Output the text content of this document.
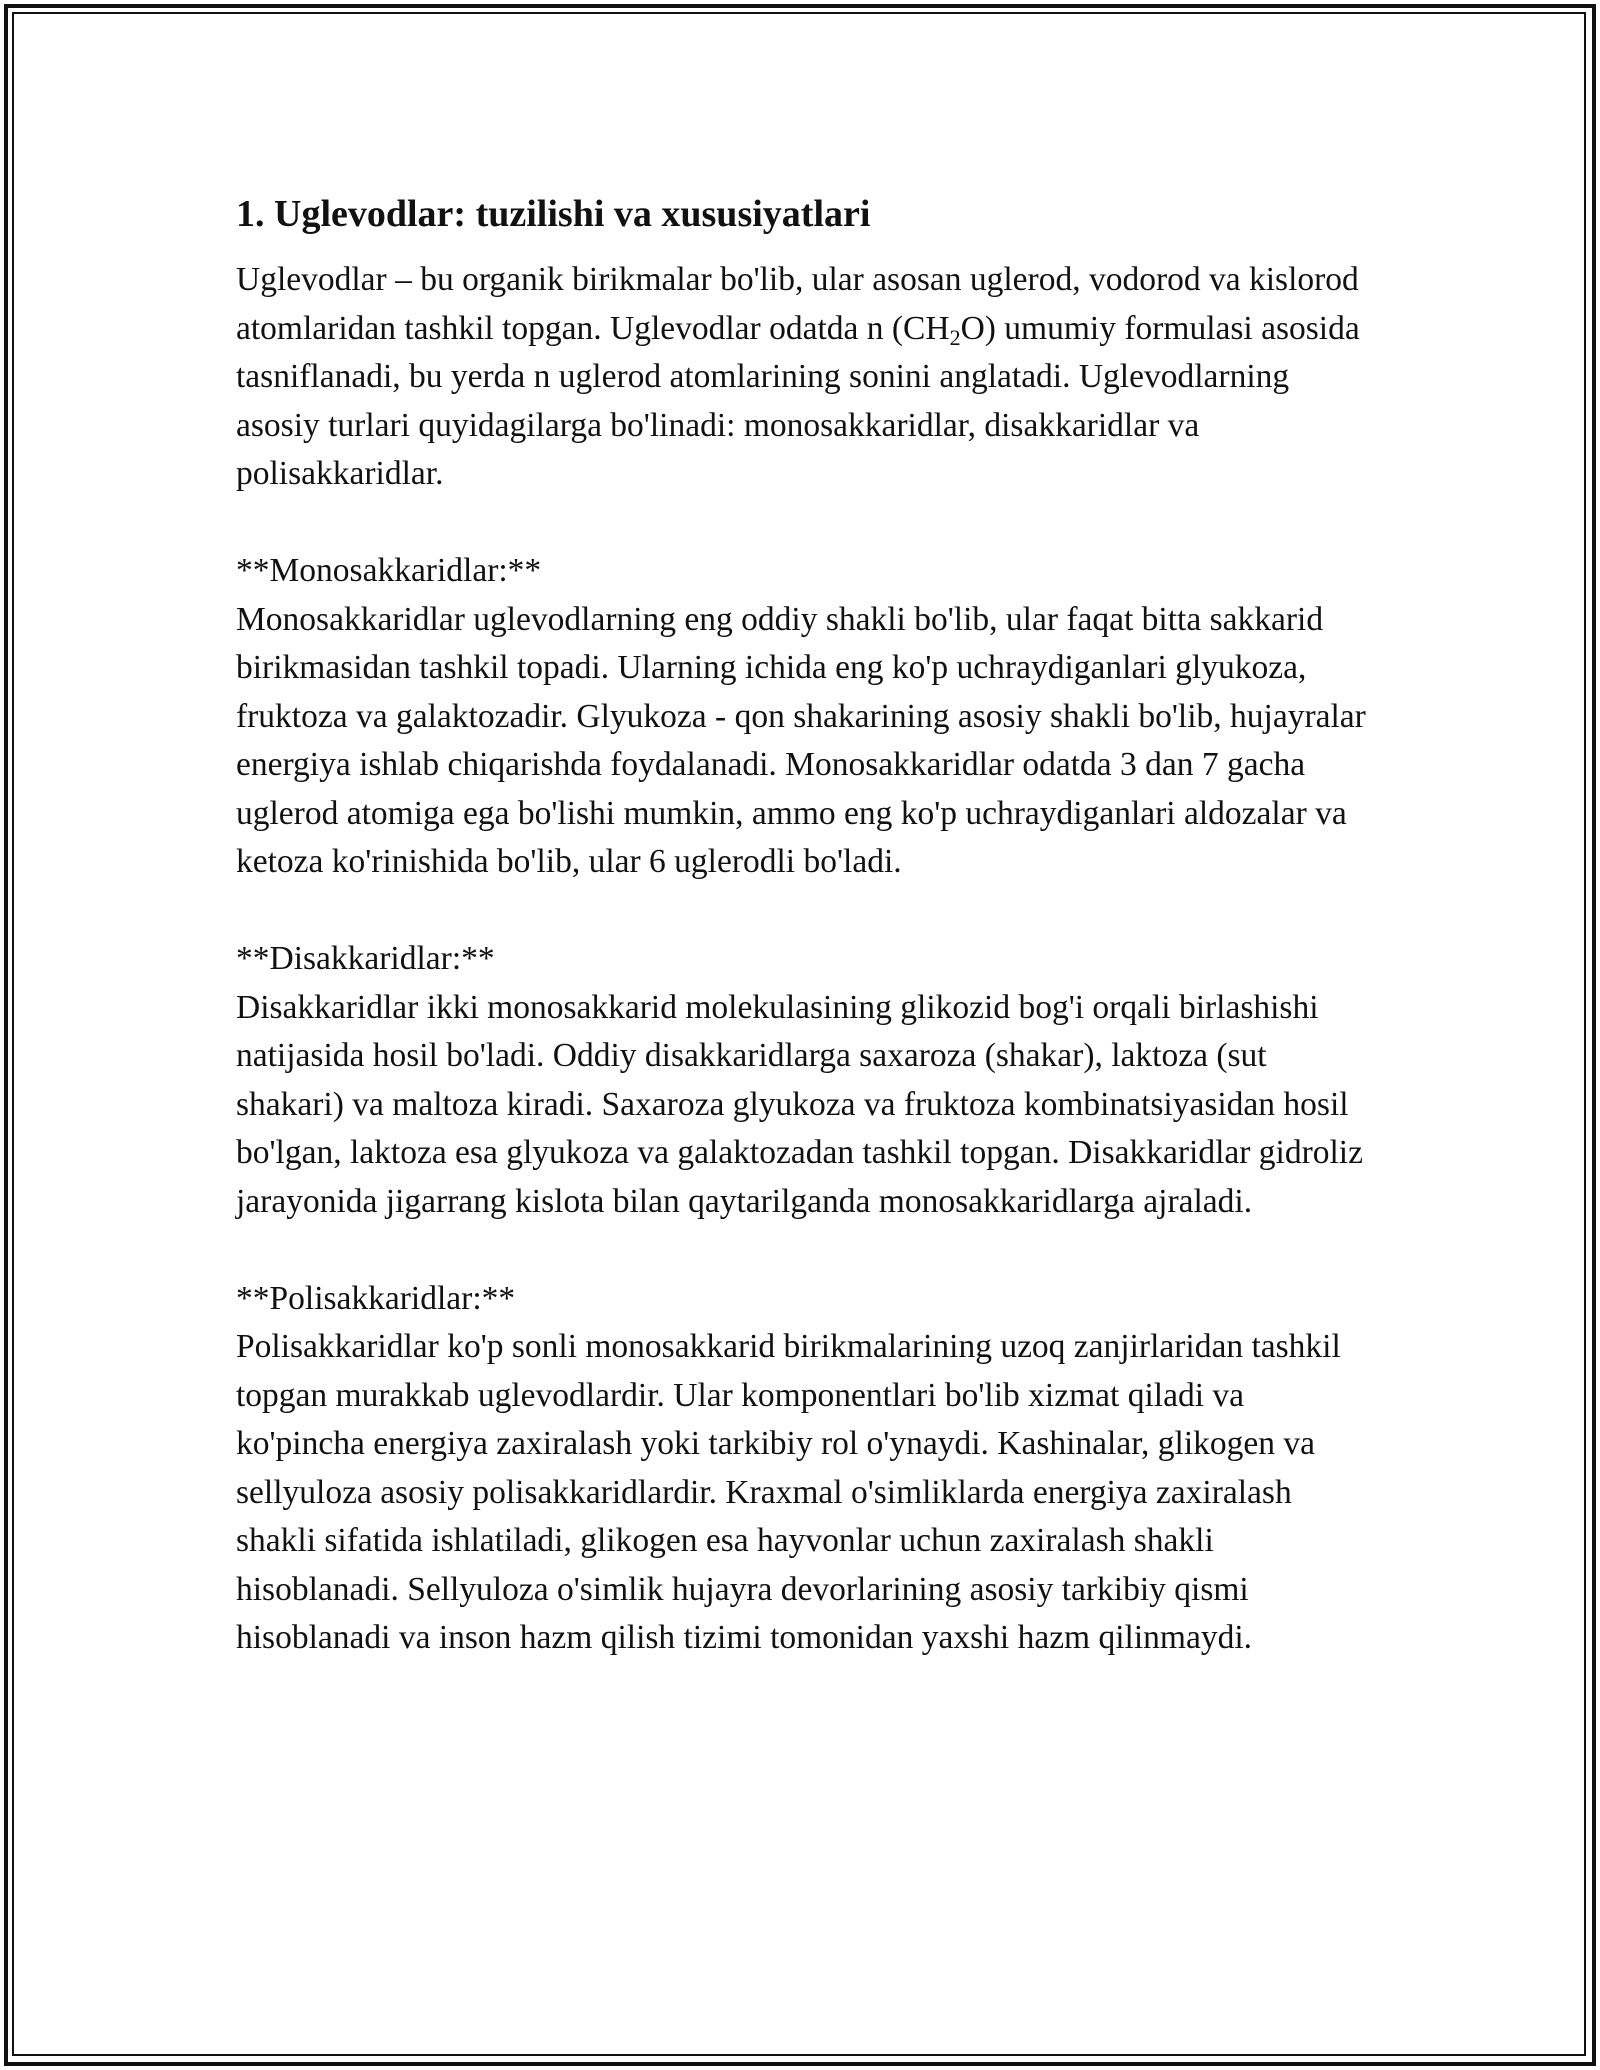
1. Uglevodlar: tuzilishi va xususiyatlari

Uglevodlar – bu organik birikmalar bo'lib, ular asosan uglerod, vodorod va kislorod atomlaridan tashkil topgan. Uglevodlar odatda n $(CH_2O)$ umumiy formulasi asosida tasniflanadi, bu yerda n uglerod atomlarining sonini anglatadi. Uglevodlarning asosiy turlari quyidagilarga bo'linadi: monosakkaridlar, disakkaridlar va polisakkaridlar.

**Monosakkaridlar:**

Monosakkaridlar uglevodlarning eng oddiy shakli bo'lib, ular faqat bitta sakkarid birikmasidan tashkil topadi. Ularning ichida eng ko'p uchraydiganlari glyukoza, fruktoza va galaktozadir. Glyukoza - qon shakarining asosiy shakli bo'lib, hujayralar energiya ishlab chiqarishda foydalanadi. Monosakkaridlar odatda 3 dan 7 gacha uglerod atomiga ega bo'lishi mumkin, ammo eng ko'p uchraydiganlari aldozalar va ketoza ko'rinishida bo'lib, ular 6 uglerodli bo'ladi.

**Disakkaridlar:**

Disakkaridlar ikki monosakkarid molekulasining glikozid bog'i orqali birlashishi natijasida hosil bo'ladi. Oddiy disakkaridlarga saxaroza (shakar), laktoza (sut shakari) va maltoza kiradi. Saxaroza glyukoza va fruktoza kombinatsiyasidan hosil bo'lgan, laktoza esa glyukoza va galaktozadan tashkil topgan. Disakkaridlar gidroliz jarayonida jigarrang kislota bilan qaytarilganda monosakkaridlarga ajraladi.

**Polisakkaridlar:**

Polisakkaridlar ko'p sonli monosakkarid birikmalarining uzoq zanjirlaridan tashkil topgan murakkab uglevodlardir. Ular komponentlari bo'lib xizmat qiladi va ko'pincha energiya zaxiralash yoki tarkibiy rol o'ynaydi. Kashinalar, glikogen va sellyuloza asosiy polisakkaridlardir. Kraxmal o'simliklarda energiya zaxiralash shakli sifatida ishlatiladi, glikogen esa hayvonlar uchun zaxiralash shakli hisoblanadi. Sellyuloza o'simlik hujayra devorlarining asosiy tarkibiy qismi hisoblanadi va inson hazm qilish tizimi tomonidan yaxshi hazm qilinmaydi.
